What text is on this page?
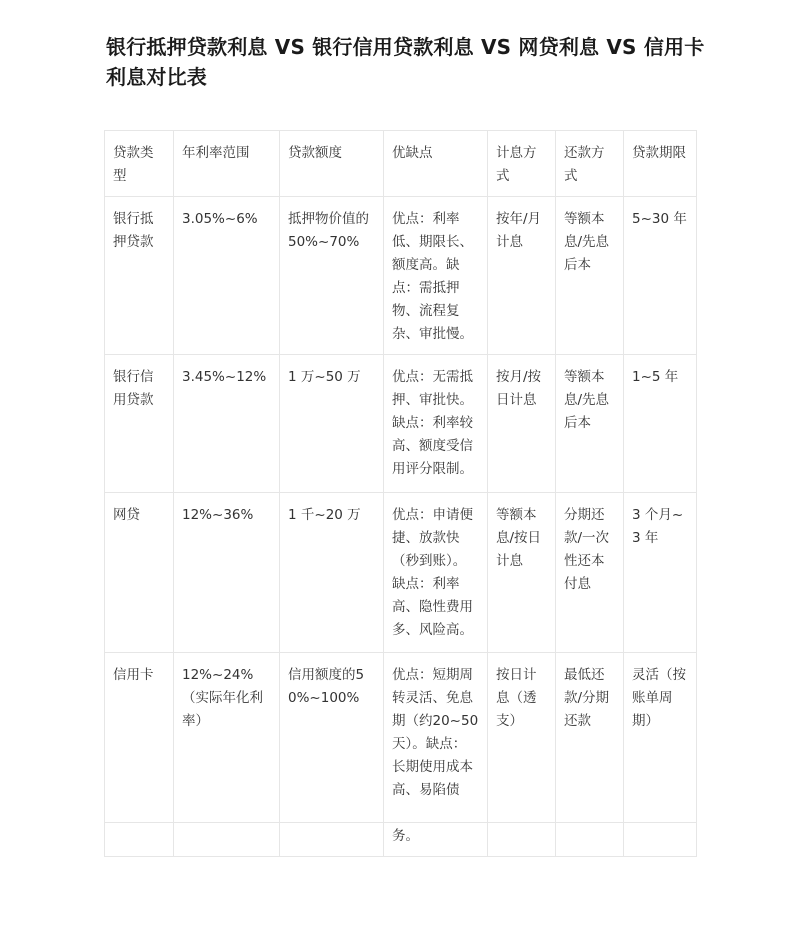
银行抵押贷款利息 VS 银行信用贷款利息 VS 网贷利息 VS 信用卡利息对比表
贷款类型	年利率范围	贷款额度	优缺点	计息方式	还款方式	贷款期限
银行抵押贷款	3.05%~6%	抵押物价值的50%~70%	优点：利率低、期限长、额度高。缺点：需抵押物、流程复杂、审批慢。	按年/月计息	等额本息/先息后本	5~30 年
银行信用贷款	3.45%~12%	1 万~50 万	优点：无需抵押、审批快。缺点：利率较高、额度受信用评分限制。	按月/按日计息	等额本息/先息后本	1~5 年
网贷	12%~36%	1 千~20 万	优点：申请便捷、放款快（秒到账）。缺点：利率高、隐性费用多、风险高。	等额本息/按日计息	分期还款/一次性还本付息	3 个月~3 年
信用卡	12%~24%（实际年化利率）	信用额度的50%~100%	优点：短期周转灵活、免息期（约20~50天）。缺点：长期使用成本高、易陷债	按日计息（透支）	最低还款/分期还款	灵活（按账单周期）
			务。			
